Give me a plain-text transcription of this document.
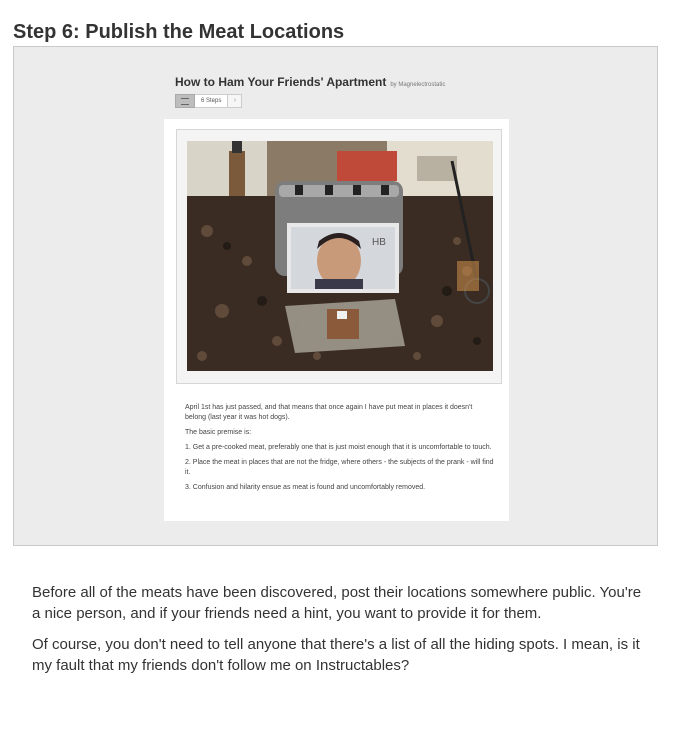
Step 6: Publish the Meat Locations
How to Ham Your Friends' Apartment by Magnelectrostatic
6 Steps	›
HB

April 1st has just passed, and that means that once again I have put meat in places it doesn't belong (last year it was hot dogs).

The basic premise is:

1. Get a pre-cooked meat, preferably one that is just moist enough that it is uncomfortable to touch.

2. Place the meat in places that are not the fridge, where others - the subjects of the prank - will find it.

3. Confusion and hilarity ensue as meat is found and uncomfortably removed.

Before all of the meats have been discovered, post their locations somewhere public. You're a nice person, and if your friends need a hint, you want to provide it for them.

Of course, you don't need to tell anyone that there's a list of all the hiding spots. I mean, is it my fault that my friends don't follow me on Instructables?
